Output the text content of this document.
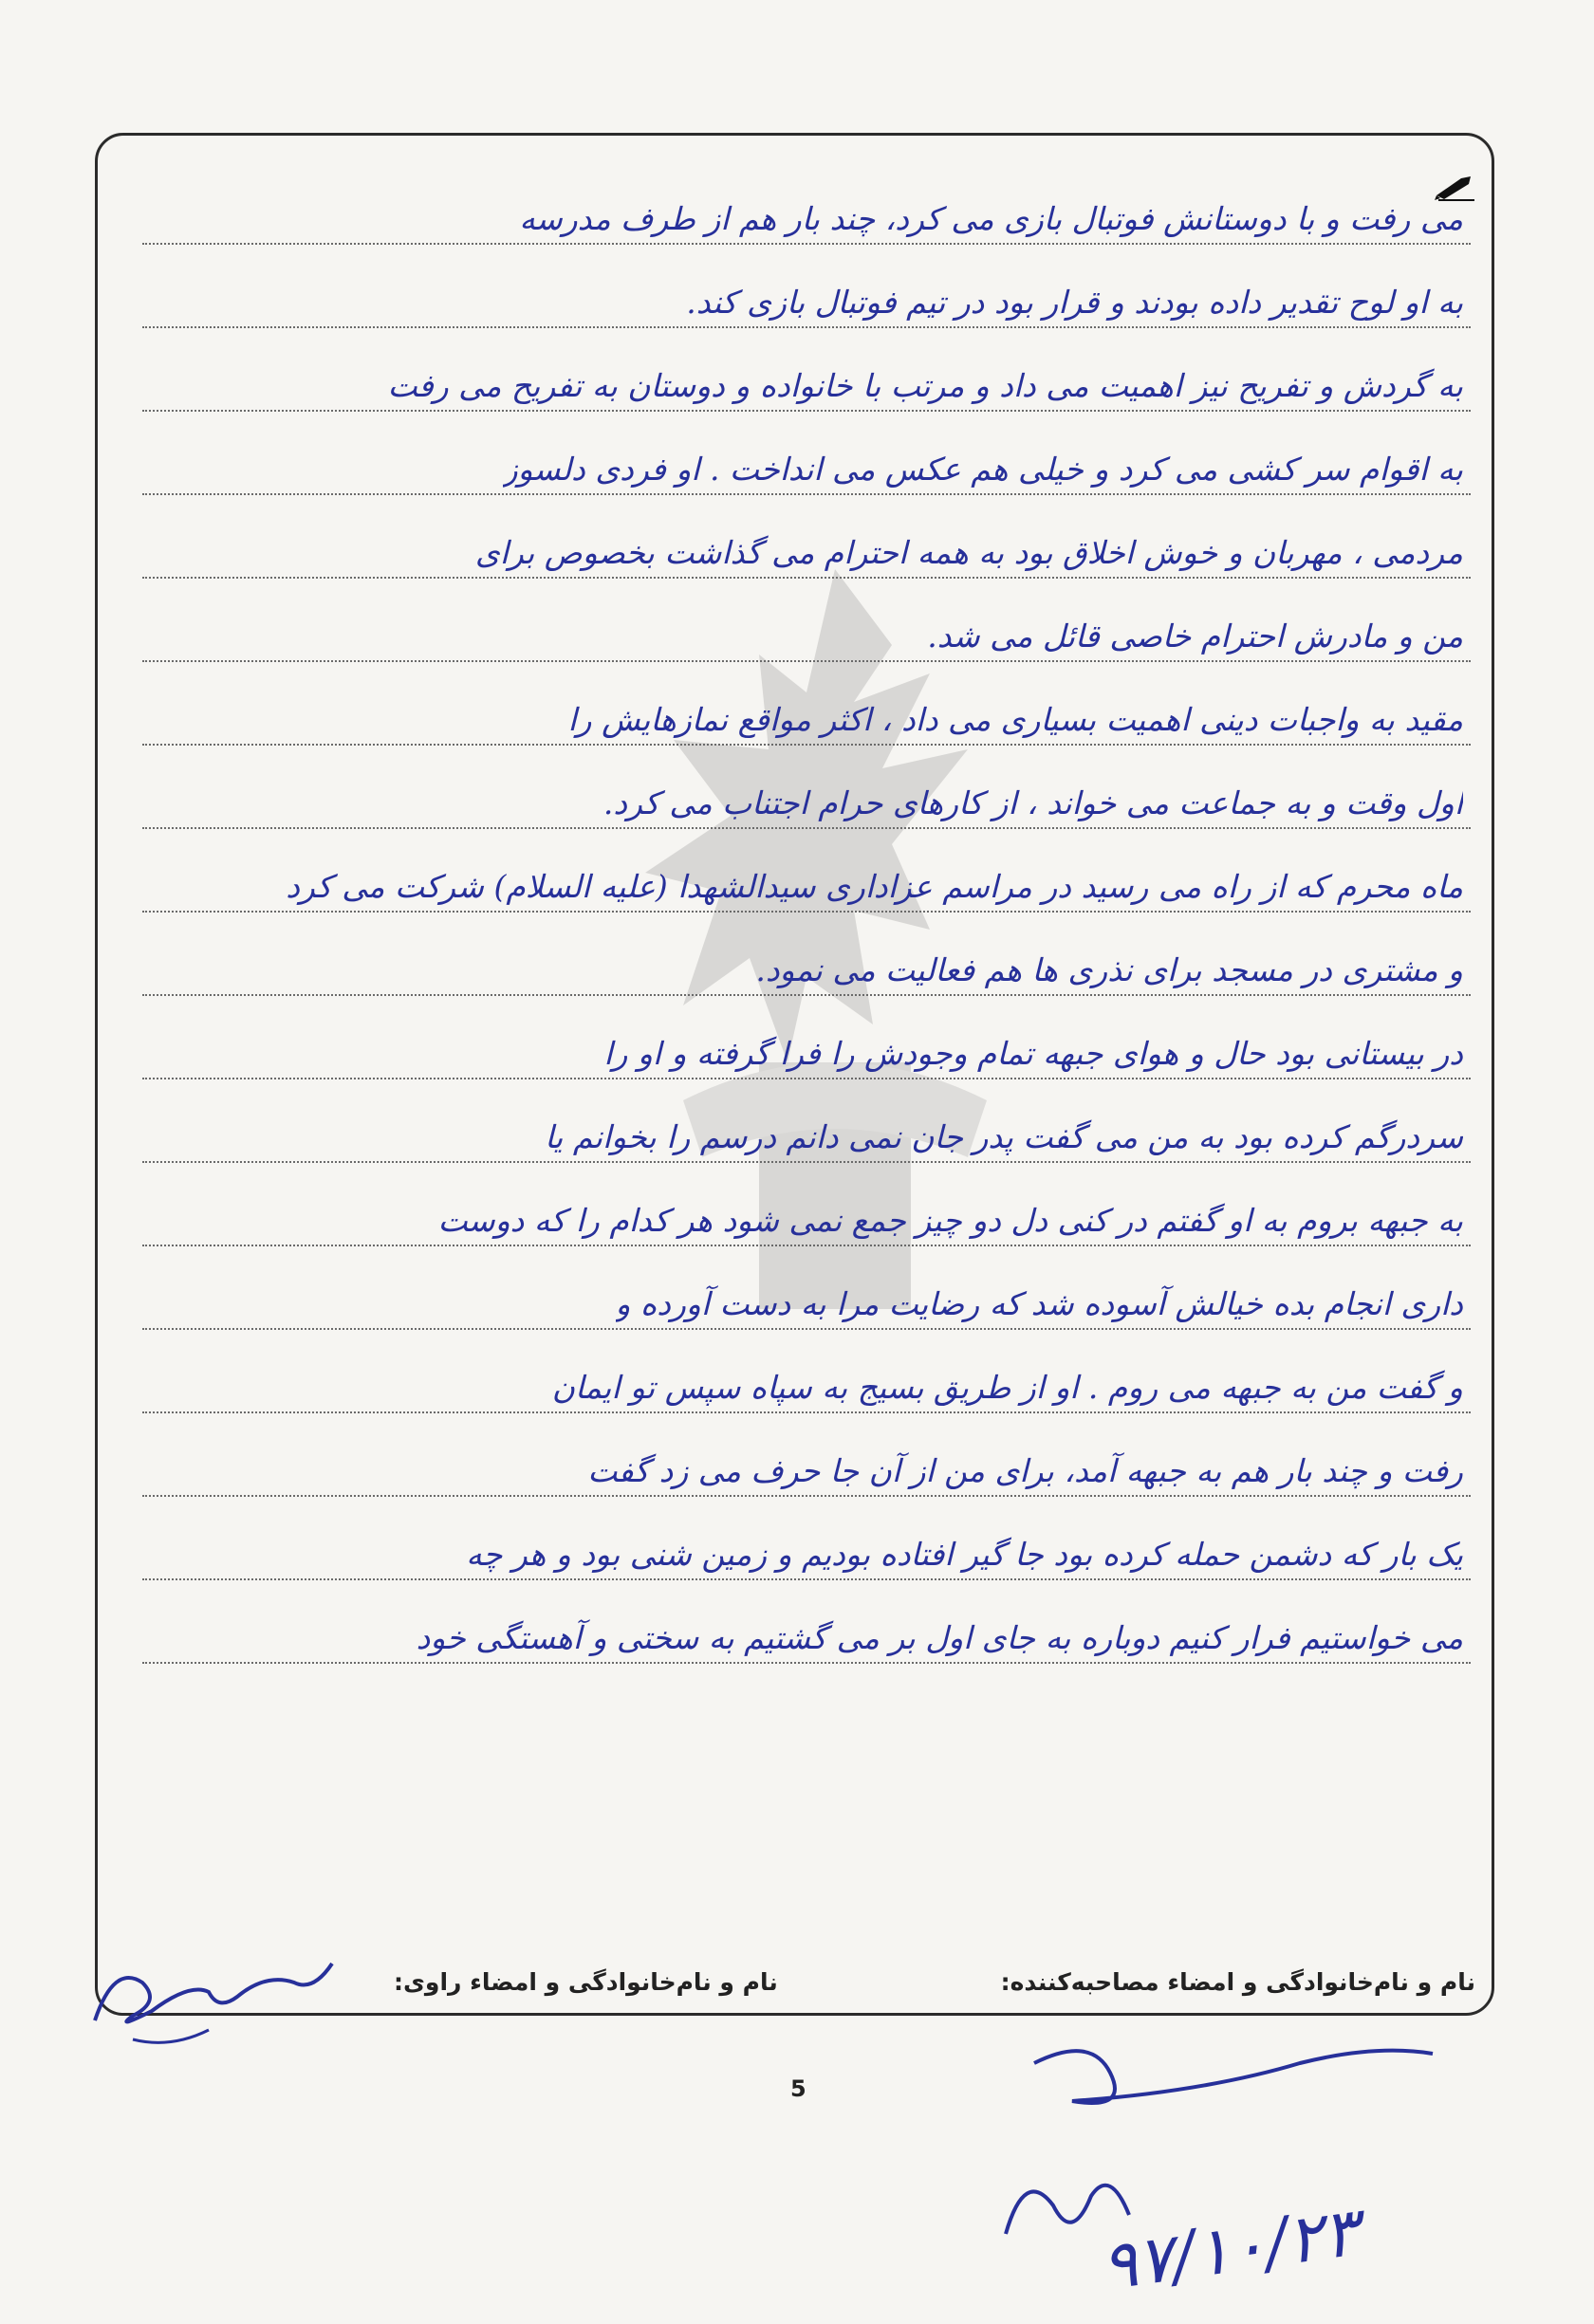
می رفت و با دوستانش فوتبال بازی می کرد، چند بار هم از طرف مدرسه
به او لوح تقدیر داده بودند و قرار بود در تیم فوتبال بازی کند.
به گردش و تفریح نیز اهمیت می داد و مرتب با خانواده و دوستان به تفریح می رفت
به اقوام سر کشی می کرد و خیلی هم عکس می انداخت . او فردی دلسوز
مردمی ، مهربان و خوش اخلاق بود به همه احترام می گذاشت بخصوص برای
من و مادرش احترام خاصی قائل می شد.
مقید به واجبات دینی اهمیت بسیاری می داد ، اکثر مواقع نمازهایش را
اول وقت و به جماعت می خواند ، از کارهای حرام اجتناب می کرد.
ماه محرم که از راه می رسید در مراسم عزاداری سیدالشهدا (علیه السلام) شرکت می کرد
و مشتری در مسجد برای نذری ها هم فعالیت می نمود.
در بیستانی بود حال و هوای جبهه تمام وجودش را فرا گرفته و او را
سردرگم کرده بود به من می گفت پدر جان نمی دانم درسم را بخوانم یا
به جبهه بروم به او گفتم در کنی دل دو چیز جمع نمی شود هر کدام را که دوست
داری انجام بده خیالش آسوده شد که رضایت مرا به دست آورده و
و گفت من به جبهه می روم . او از طریق بسیج به سپاه سپس تو ایمان
رفت و چند بار هم به جبهه آمد، برای من از آن جا حرف می زد گفت
یک بار که دشمن حمله کرده بود جا گیر افتاده بودیم و زمین شنی بود و هر چه
می خواستیم فرار کنیم دوباره به جای اول بر می گشتیم به سختی و آهستگی خود
نام و نام‌خانوادگی و امضاء مصاحبه‌کننده:
نام و نام‌خانوادگی و امضاء راوی:
5
۹۷/۱۰/۲۳
